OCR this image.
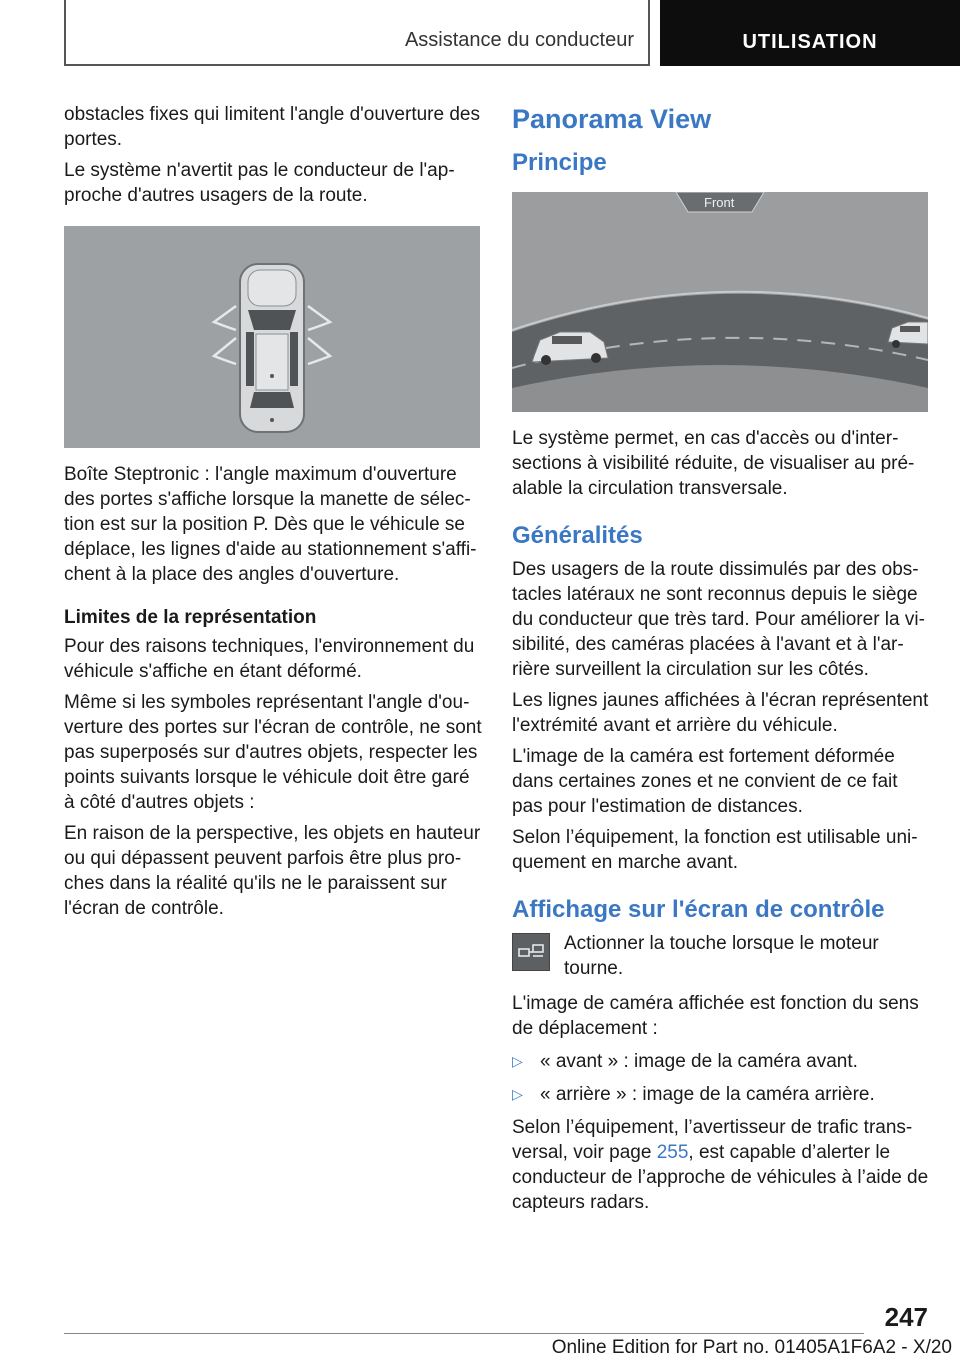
Assistance du conducteur	UTILISATION

obstacles fixes qui limitent l'angle d'ouverture des portes.

Le système n'avertit pas le conducteur de l'approche d'autres usagers de la route.

Boîte Steptronic : l'angle maximum d'ouverture des portes s'affiche lorsque la manette de sélection est sur la position P. Dès que le véhicule se déplace, les lignes d'aide au stationnement s'affichent à la place des angles d'ouverture.

Limites de la représentation

Pour des raisons techniques, l'environnement du véhicule s'affiche en étant déformé.

Même si les symboles représentant l'angle d'ouverture des portes sur l'écran de contrôle, ne sont pas superposés sur d'autres objets, respecter les points suivants lorsque le véhicule doit être garé à côté d'autres objets :

En raison de la perspective, les objets en hauteur ou qui dépassent peuvent parfois être plus proches dans la réalité qu'ils ne le paraissent sur l'écran de contrôle.

Panorama View
Principe
Front

Le système permet, en cas d'accès ou d'intersections à visibilité réduite, de visualiser au préalable la circulation transversale.

Généralités

Des usagers de la route dissimulés par des obstacles latéraux ne sont reconnus depuis le siège du conducteur que très tard. Pour améliorer la visibilité, des caméras placées à l'avant et à l'arrière surveillent la circulation sur les côtés.

Les lignes jaunes affichées à l'écran représentent l'extrémité avant et arrière du véhicule.

L'image de la caméra est fortement déformée dans certaines zones et ne convient de ce fait pas pour l'estimation de distances.

Selon l’équipement, la fonction est utilisable uniquement en marche avant.

Affichage sur l'écran de contrôle
Actionner la touche lorsque le moteur tourne.

L'image de caméra affichée est fonction du sens de déplacement :

▷ « avant » : image de la caméra avant.
▷ « arrière » : image de la caméra arrière.

Selon l’équipement, l’avertisseur de trafic transversal, voir page 255, est capable d’alerter le conducteur de l’approche de véhicules à l’aide de capteurs radars.

247
Online Edition for Part no. 01405A1F6A2 - X/20
